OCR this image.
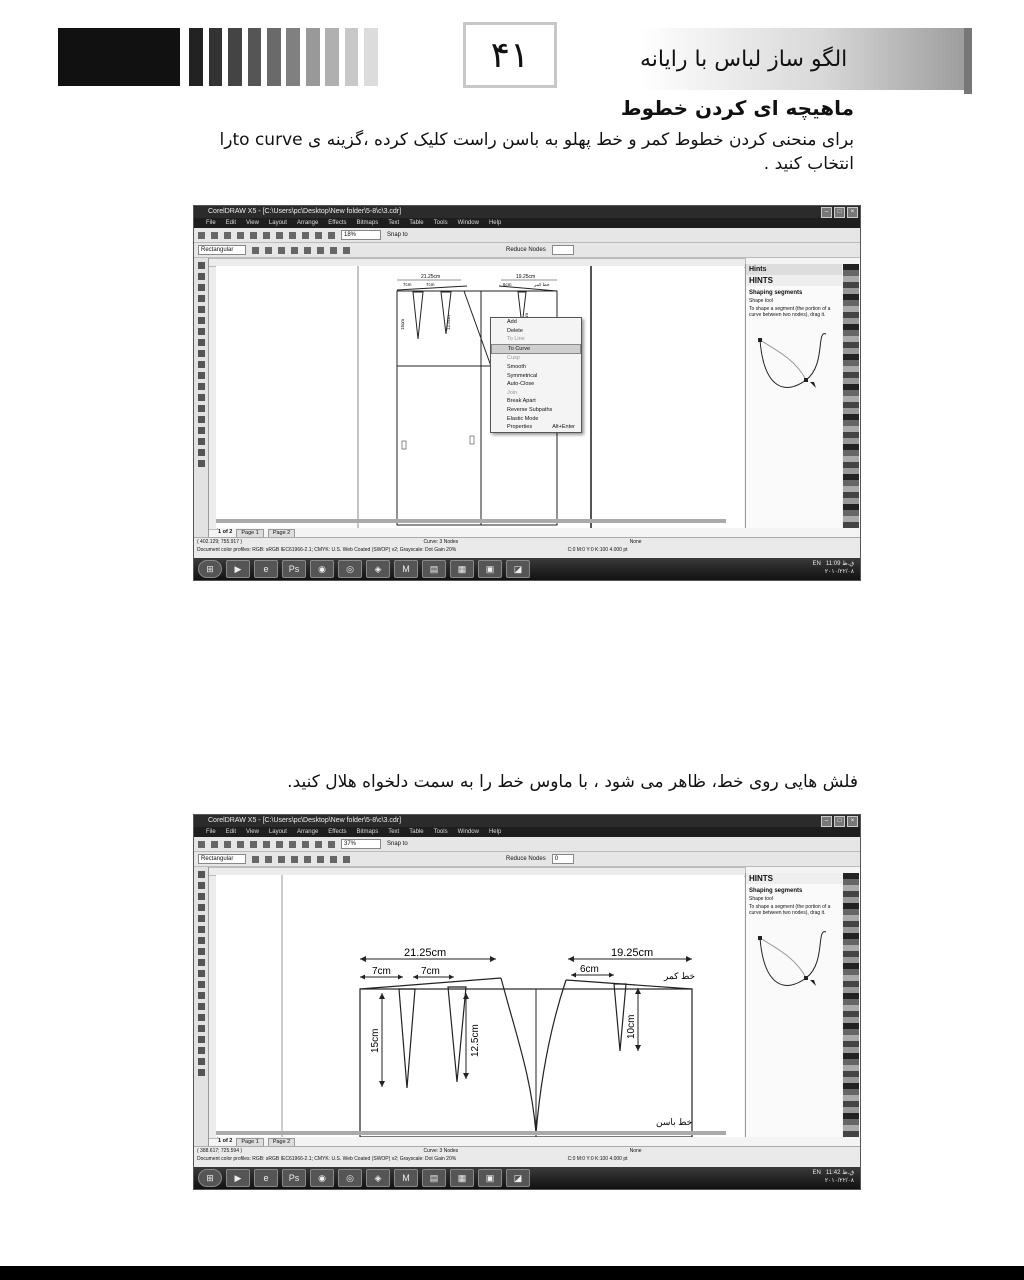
۴۱	الگو ساز لباس با رایانه
ماهیچه ای کردن خطوط
برای منحنی کردن خطوط کمر و خط پهلو به باسن راست کلیک کرده ،گزینه ی to curveرا انتخاب کنید .
CorelDRAW X5 - [C:\Users\pc\Desktop\New folder\5-8\c\3.cdr]	–	□	×
File Edit View Layout Arrange Effects Bitmaps Text Table Tools Window Help
18%	Snap to
Rectangular	Reduce Nodes
21.25cm	19.25cm
7cm	7cm	6cm	خط کمر
15cm	12.5cm	Add
Delete
To Line
To Curve
Cusp
Smooth
Symmetrical
Auto-Close
Join
Break Apart
Reverse Subpaths
Elastic Mode
Properties	Alt+Enter
Hints
HINTS
Shaping segments
Shape tool
To shape a segment (the portion of a curve between two nodes), drag it.
1 of 2	Page 1	Page 2
( 402.129; 755.917 )	Curve: 3 Nodes	None
Document color profiles: RGB: sRGB IEC61966-2.1; CMYK: U.S. Web Coated (SWOP) v2; Grayscale: Dot Gain 20%	C:0 M:0 Y:0 K:100 4.000 pt
⊞	▶	e	Ps	◉	◎	◈	M	▤	▦	▣	◪	EN 11:09 ق.ظ
۲۰۱۰/۲۲/۰۸
فلش هایی روی خط، ظاهر می شود ، با ماوس خط را به سمت دلخواه هلال کنید.
CorelDRAW X5 - [C:\Users\pc\Desktop\New folder\5-8\c\3.cdr]	–	□	×
File Edit View Layout Arrange Effects Bitmaps Text Table Tools Window Help
37%	Snap to
Rectangular	Reduce Nodes	0
21.25cm	19.25cm
7cm	7cm	6cm
خط کمر
خط باسن
15cm	12.5cm	10cm
HINTS
Shaping segments
Shape tool
To shape a segment (the portion of a curve between two nodes), drag it.
1 of 2	Page 1	Page 2
( 388.617; 725.594 )	Curve: 3 Nodes	None
Document color profiles: RGB: sRGB IEC61966-2.1; CMYK: U.S. Web Coated (SWOP) v2; Grayscale: Dot Gain 20%	C:0 M:0 Y:0 K:100 4.000 pt
⊞	▶	e	Ps	◉	◎	◈	M	▤	▦	▣	◪	EN 11:42 ق.ظ
۲۰۱۰/۲۲/۰۸
